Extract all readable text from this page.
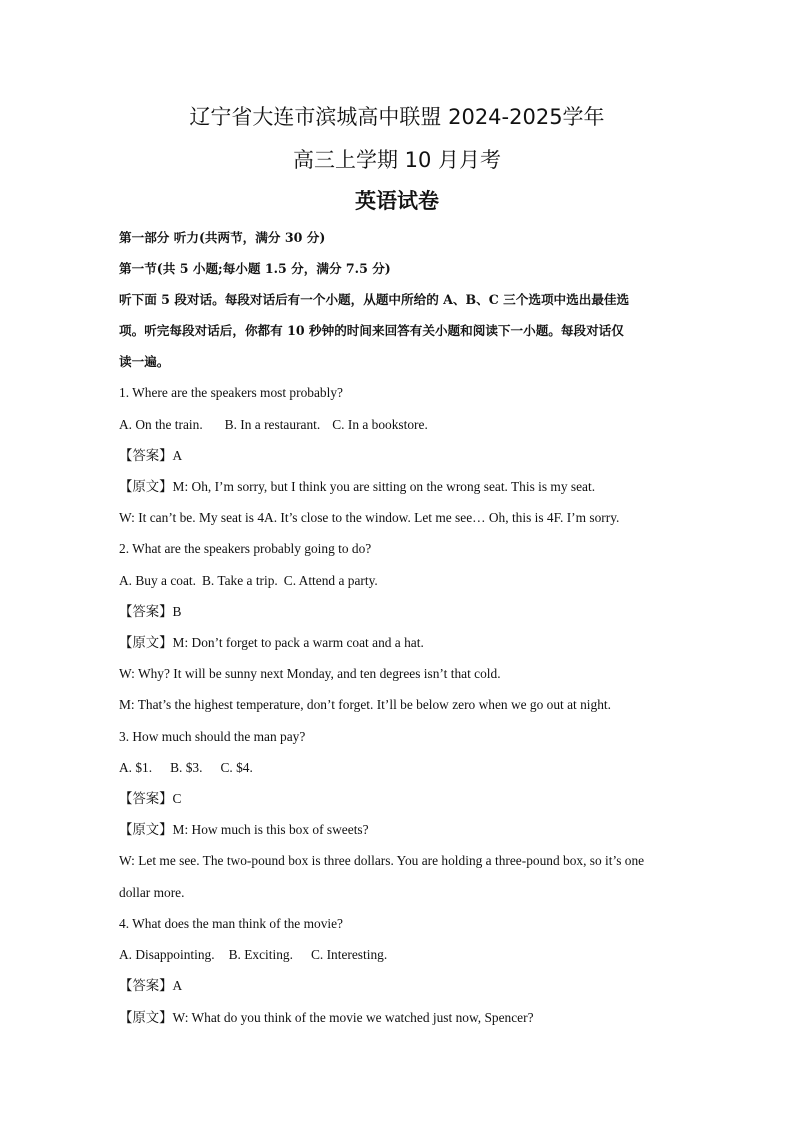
辽宁省大连市滨城高中联盟 2024-2025学年
高三上学期 10 月月考
英语试卷
第一部分 听力(共两节，满分 30 分)
第一节(共 5 小题;每小题 1.5 分，满分 7.5 分)
听下面 5 段对话。每段对话后有一个小题，从题中所给的 A、B、C 三个选项中选出最佳选
项。听完每段对话后，你都有 10 秒钟的时间来回答有关小题和阅读下一小题。每段对话仅
读一遍。
1. Where are the speakers most probably?
A. On the train. B. In a restaurant. C. In a bookstore.
【答案】A
【原文】M: Oh, I’m sorry, but I think you are sitting on the wrong seat. This is my seat.
W: It can’t be. My seat is 4A. It’s close to the window. Let me see… Oh, this is 4F. I’m sorry.
2. What are the speakers probably going to do?
A. Buy a coat. B. Take a trip. C. Attend a party.
【答案】B
【原文】M: Don’t forget to pack a warm coat and a hat.
W: Why? It will be sunny next Monday, and ten degrees isn’t that cold.
M: That’s the highest temperature, don’t forget. It’ll be below zero when we go out at night.
3. How much should the man pay?
A. $1. B. $3. C. $4.
【答案】C
【原文】M: How much is this box of sweets?
W: Let me see. The two-pound box is three dollars. You are holding a three-pound box, so it’s one
dollar more.
4. What does the man think of the movie?
A. Disappointing. B. Exciting. C. Interesting.
【答案】A
【原文】W: What do you think of the movie we watched just now, Spencer?
